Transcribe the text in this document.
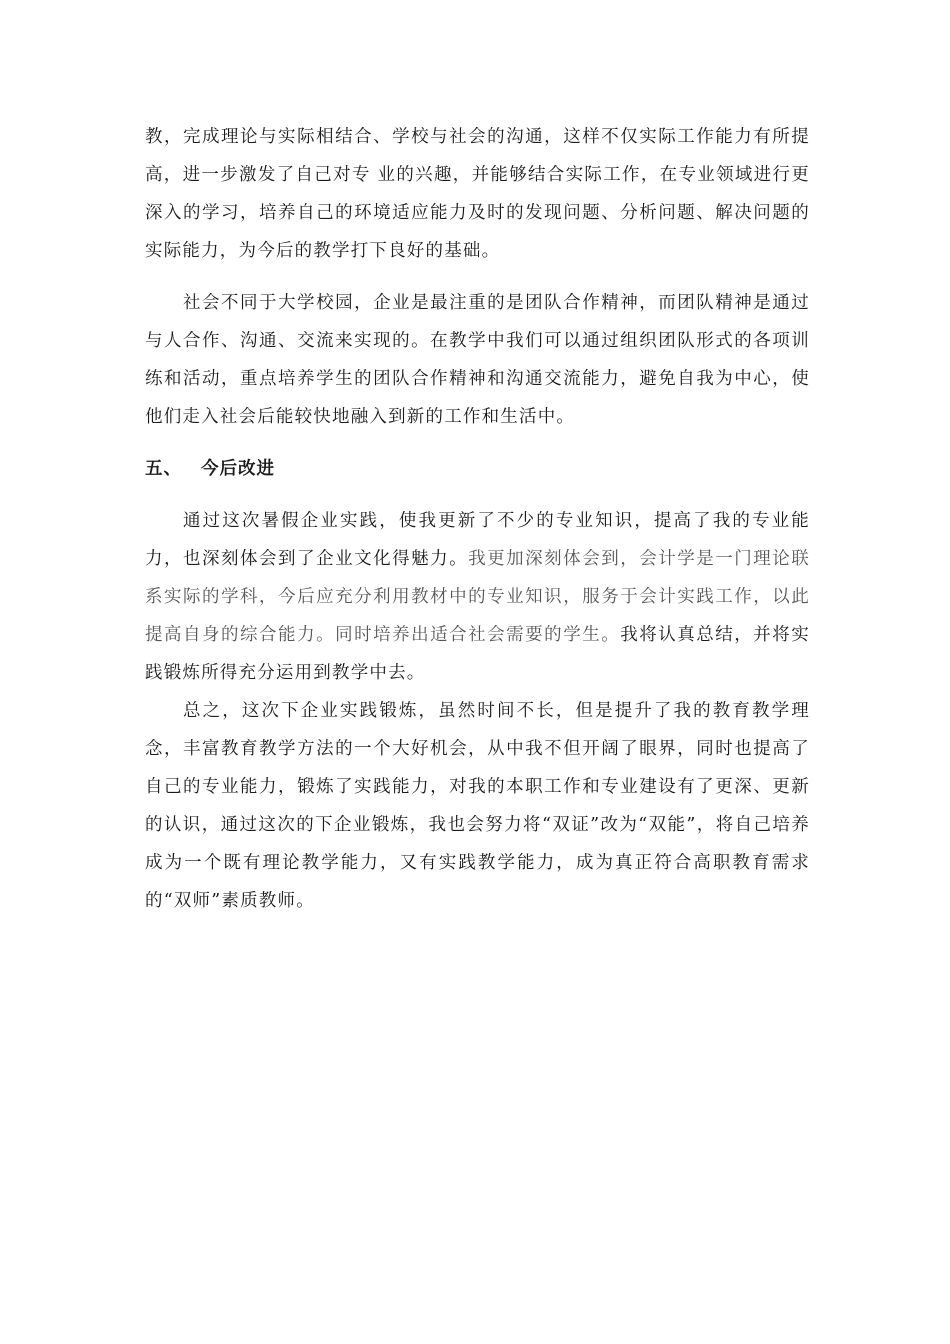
教，完成理论与实际相结合、学校与社会的沟通，这样不仅实际工作能力有所提高，进一步激发了自己对专 业的兴趣，并能够结合实际工作，在专业领域进行更深入的学习，培养自己的环境适应能力及时的发现问题、分析问题、解决问题的实际能力，为今后的教学打下良好的基础。

社会不同于大学校园，企业是最注重的是团队合作精神，而团队精神是通过与人合作、沟通、交流来实现的。在教学中我们可以通过组织团队形式的各项训练和活动，重点培养学生的团队合作精神和沟通交流能力，避免自我为中心，使他们走入社会后能较快地融入到新的工作和生活中。

五、	今后改进

通过这次暑假企业实践，使我更新了不少的专业知识，提高了我的专业能力，也深刻体会到了企业文化得魅力。我更加深刻体会到，会计学是一门理论联系实际的学科，今后应充分利用教材中的专业知识，服务于会计实践工作，以此提高自身的综合能力。同时培养出适合社会需要的学生。我将认真总结，并将实践锻炼所得充分运用到教学中去。

总之，这次下企业实践锻炼，虽然时间不长，但是提升了我的教育教学理念，丰富教育教学方法的一个大好机会，从中我不但开阔了眼界，同时也提高了自己的专业能力，锻炼了实践能力，对我的本职工作和专业建设有了更深、更新的认识，通过这次的下企业锻炼，我也会努力将“双证”改为“双能”，将自己培养成为一个既有理论教学能力，又有实践教学能力，成为真正符合高职教育需求的“双师”素质教师。
